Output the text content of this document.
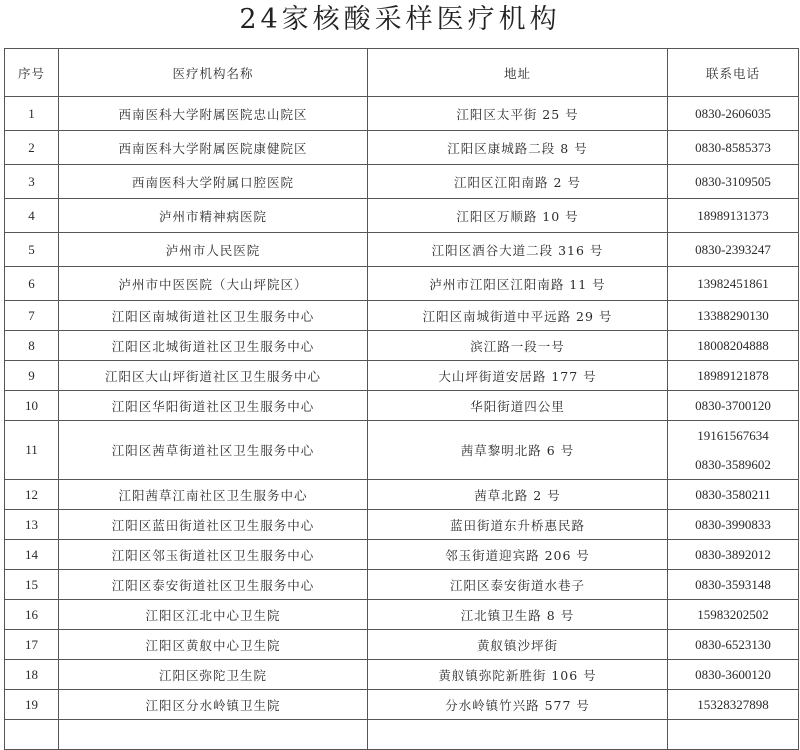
24家核酸采样医疗机构
序号	医疗机构名称	地址	联系电话
1	西南医科大学附属医院忠山院区	江阳区太平街 25 号	0830-2606035
2	西南医科大学附属医院康健院区	江阳区康城路二段 8 号	0830-8585373
3	西南医科大学附属口腔医院	江阳区江阳南路 2 号	0830-3109505
4	泸州市精神病医院	江阳区万顺路 10 号	18989131373
5	泸州市人民医院	江阳区酒谷大道二段 316 号	0830-2393247
6	泸州市中医医院（大山坪院区）	泸州市江阳区江阳南路 11 号	13982451861
7	江阳区南城街道社区卫生服务中心	江阳区南城街道中平远路 29 号	13388290130
8	江阳区北城街道社区卫生服务中心	滨江路一段一号	18008204888
9	江阳区大山坪街道社区卫生服务中心	大山坪街道安居路 177 号	18989121878
10	江阳区华阳街道社区卫生服务中心	华阳街道四公里	0830-3700120
11	江阳区茜草街道社区卫生服务中心	茜草黎明北路 6 号	19161567634
0830-3589602

12	江阳茜草江南社区卫生服务中心	茜草北路 2 号	0830-3580211
13	江阳区蓝田街道社区卫生服务中心	蓝田街道东升桥惠民路	0830-3990833
14	江阳区邻玉街道社区卫生服务中心	邻玉街道迎宾路 206 号	0830-3892012
15	江阳区泰安街道社区卫生服务中心	江阳区泰安街道水巷子	0830-3593148
16	江阳区江北中心卫生院	江北镇卫生路 8 号	15983202502
17	江阳区黄舣中心卫生院	黄舣镇沙坪街	0830-6523130
18	江阳区弥陀卫生院	黄舣镇弥陀新胜街 106 号	0830-3600120
19	江阳区分水岭镇卫生院	分水岭镇竹兴路 577 号	15328327898
